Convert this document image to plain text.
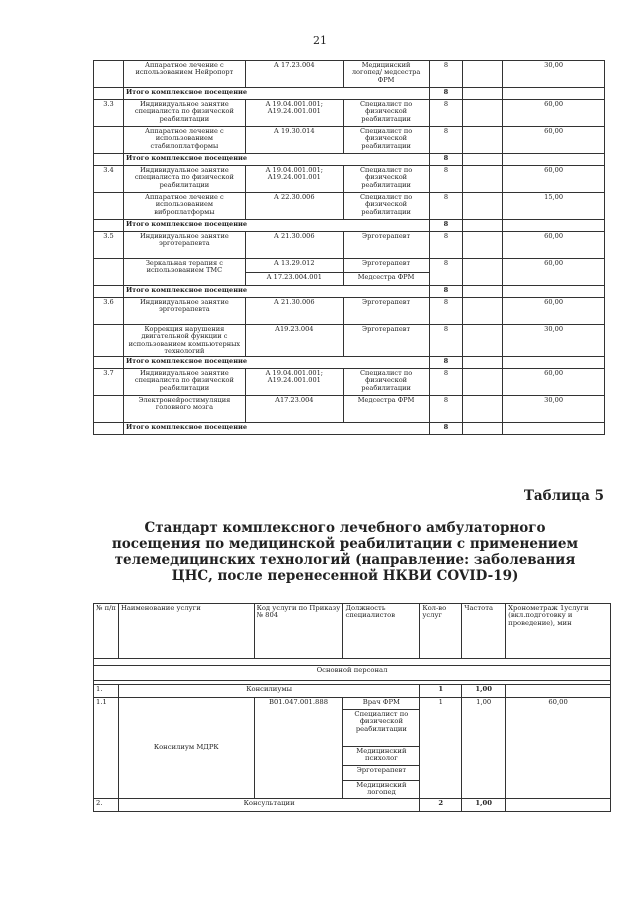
21
	Аппаратное лечение с использованием Нейропорт	А 17.23.004	Медицинский логопед/ медсестра ФРМ	8		30,00
	Итого комплексное посещение			8		
3.3	Индивидуальное занятие специалиста по физической реабилитации	А 19.04.001.001; А19.24.001.001	Специалист по физической реабилитации	8		60,00
	Аппаратное лечение с использованием стабилоплатформы	А 19.30.014	Специалист по физической реабилитации	8		60,00
	Итого комплексное посещение			8		
3.4	Индивидуальное занятие специалиста по физической реабилитации	А 19.04.001.001; А19.24.001.001	Специалист по физической реабилитации	8		60,00
	Аппаратное лечение с использованием виброплатформы	А 22.30.006	Специалист по физической реабилитации	8		15,00
	Итого комплексное посещение			8		
3.5	Индивидуальное занятие эрготерапевта	А 21.30.006	Эрготерапевт	8		60,00
	Зеркальная терапия с использованием ТМС	А 13.29.012	Эрготерапевт	8		60,00
		А 17.23.004.001	Медсестра ФРМ			
	Итого комплексное посещение			8		
3.6	Индивидуальное занятие эрготерапевта	А 21.30.006	Эрготерапевт	8		60,00
	Коррекция нарушения двигательной функции с использованием компьютерных технологий	А19.23.004	Эрготерапевт	8		30,00
	Итого комплексное посещение			8		
3.7	Индивидуальное занятие специалиста по физической реабилитации	А 19.04.001.001; А19.24.001.001	Специалист по физической реабилитации	8		60,00
	Электронейростимуляция головного мозга	А17.23.004	Медсестра ФРМ	8		30,00
	Итого комплексное посещение			8		
Таблица 5
Стандарт комплексного лечебного амбулаторного посещения по медицинской реабилитации с применением телемедицинских технологий (направление: заболевания ЦНС, после перенесенной НКВИ COVID-19)
№ п/п	Наименование услуги	Код услуги по Приказу № 804	Должность специалистов	Кол-во услуг	Частота	Хронометраж 1услуги (вкл.подготовку и проведение), мин

Основной персонал						

1.	Консилиумы			1	1,00	
1.1	Консилиум МДРК	В01.047.001.888	Врач ФРМ	1	1,00	60,00
			Специалист по физической реабилитации			
			Медицинский психолог			
			Эрготерапевт			
			Медицинский логопед			
2.	Консультации			2	1,00	
